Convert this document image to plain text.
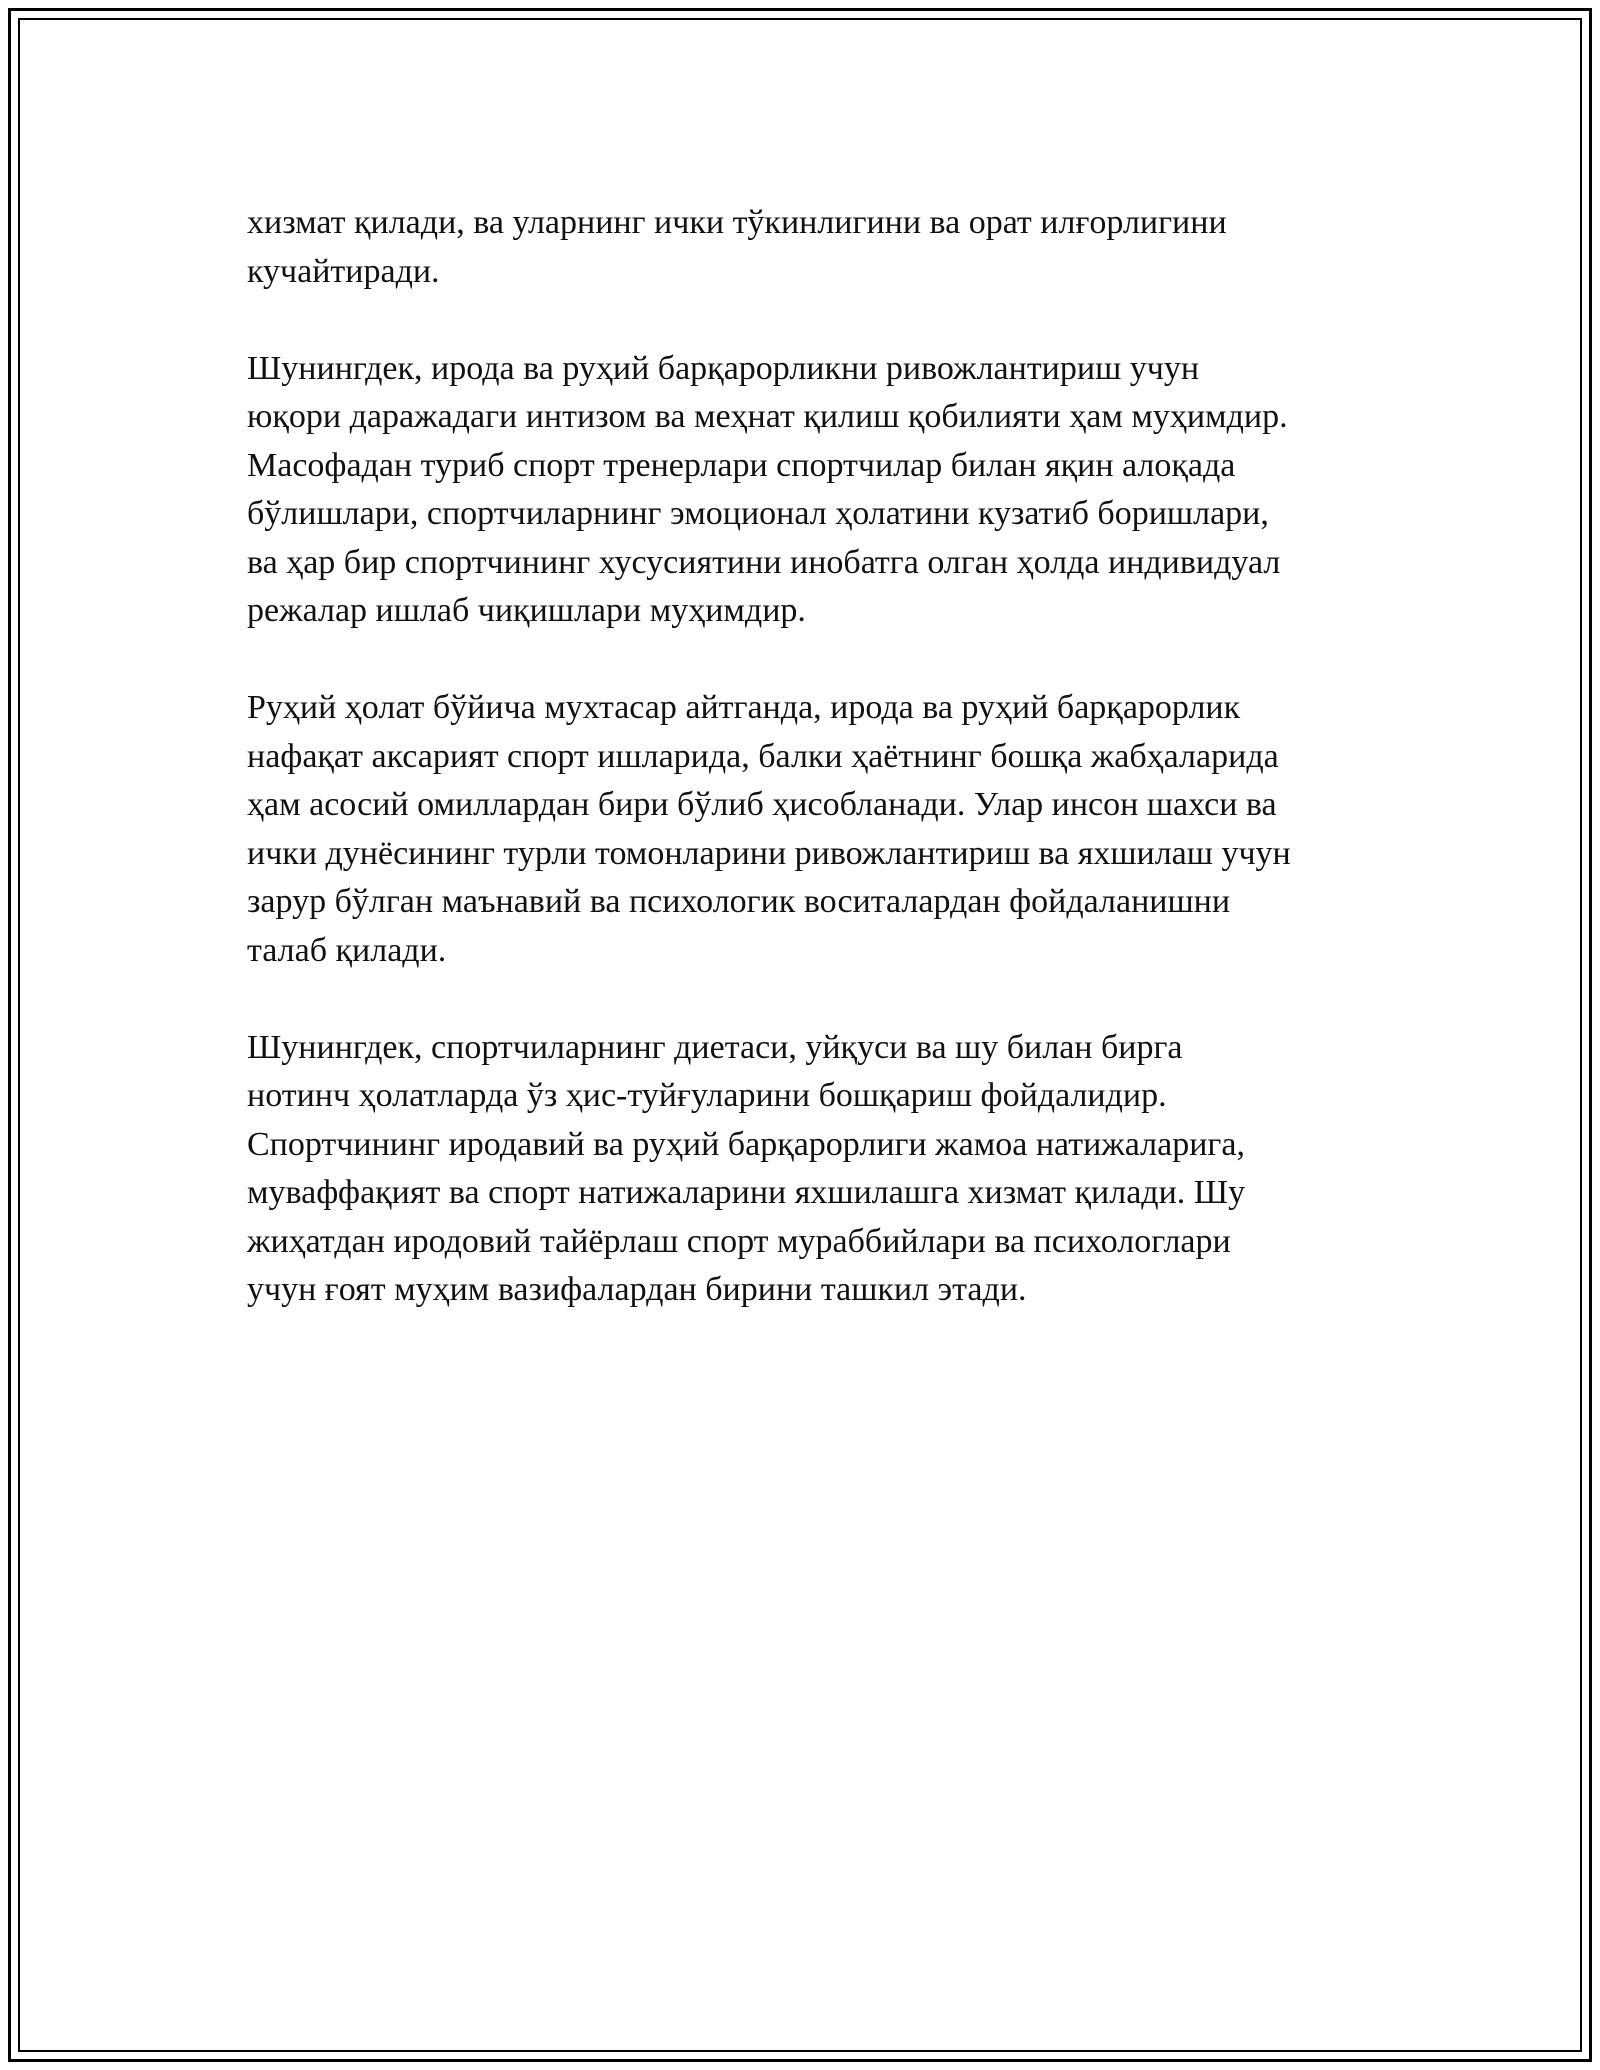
хизмат қилади, ва уларнинг ички тўкинлигини ва орат илғорлигини
кучайтиради.

Шунингдек, ирода ва руҳий барқарорликни ривожлантириш учун
юқори даражадаги интизом ва меҳнат қилиш қобилияти ҳам муҳимдир.
Масофадан туриб спорт тренерлари спортчилар билан яқин алоқада
бўлишлари, спортчиларнинг эмоционал ҳолатини кузатиб боришлари,
ва ҳар бир спортчининг хусусиятини инобатга олган ҳолда индивидуал
режалар ишлаб чиқишлари муҳимдир.

Руҳий ҳолат бўйича мухтасар айтганда, ирода ва руҳий барқарорлик
нафақат аксарият спорт ишларида, балки ҳаётнинг бошқа жабҳаларида
ҳам асосий омиллардан бири бўлиб ҳисобланади. Улар инсон шахси ва
ички дунёсининг турли томонларини ривожлантириш ва яхшилаш учун
зарур бўлган маънавий ва психологик воситалардан фойдаланишни
талаб қилади.

Шунингдек, спортчиларнинг диетаси, уйқуси ва шу билан бирга
нотинч ҳолатларда ўз ҳис-туйғуларини бошқариш фойдалидир.
Спортчининг иродавий ва руҳий барқарорлиги жамоа натижаларига,
муваффақият ва спорт натижаларини яхшилашга хизмат қилади. Шу
жиҳатдан иродовий тайёрлаш спорт мураббийлари ва психологлари
учун ғоят муҳим вазифалардан бирини ташкил этади.
